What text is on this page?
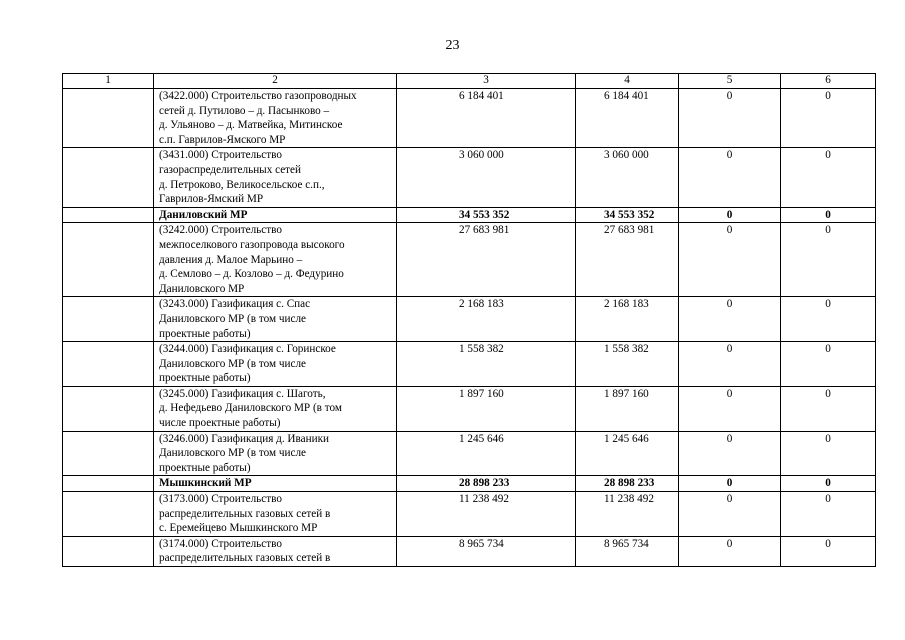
23
1	2	3	4	5	6
	(3422.000) Строительство газопроводных
сетей д. Путилово – д. Пасынково –
д. Ульяново – д. Матвейка, Митинское
с.п. Гаврилов-Ямского МР	6 184 401	6 184 401	0	0
	(3431.000) Строительство
газораспределительных сетей
д. Петроково, Великосельское с.п.,
Гаврилов-Ямский МР	3 060 000	3 060 000	0	0
	Даниловский МР	34 553 352	34 553 352	0	0
	(3242.000) Строительство
межпоселкового газопровода высокого
давления д. Малое Марьино –
д. Семлово – д. Козлово – д. Федурино
Даниловского МР	27 683 981	27 683 981	0	0
	(3243.000) Газификация с. Спас
Даниловского МР (в том числе
проектные работы)	2 168 183	2 168 183	0	0
	(3244.000) Газификация с. Горинское
Даниловского МР (в том числе
проектные работы)	1 558 382	1 558 382	0	0
	(3245.000) Газификация с. Шаготь,
д. Нефедьево Даниловского МР (в том
числе проектные работы)	1 897 160	1 897 160	0	0
	(3246.000) Газификация д. Иваники
Даниловского МР (в том числе
проектные работы)	1 245 646	1 245 646	0	0
	Мышкинский МР	28 898 233	28 898 233	0	0
	(3173.000) Строительство
распределительных газовых сетей в
с. Еремейцево Мышкинского МР	11 238 492	11 238 492	0	0
	(3174.000) Строительство
распределительных газовых сетей в	8 965 734	8 965 734	0	0
